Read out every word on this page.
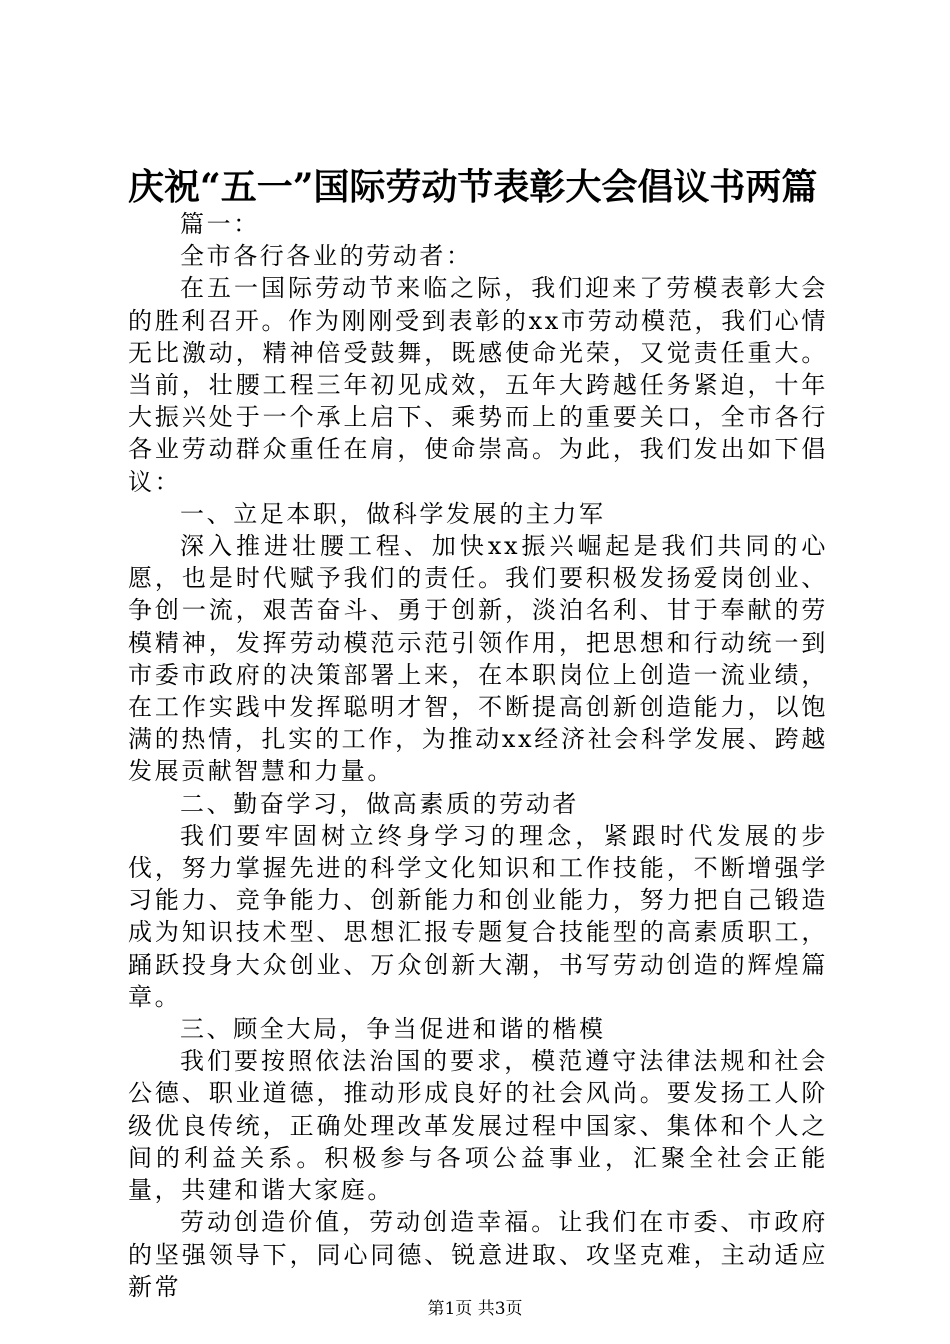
庆祝“五一”国际劳动节表彰大会倡议书两篇

篇一：

全市各行各业的劳动者：

在五一国际劳动节来临之际，我们迎来了劳模表彰大会的胜利召开。作为刚刚受到表彰的xx市劳动模范，我们心情无比激动，精神倍受鼓舞，既感使命光荣，又觉责任重大。当前，壮腰工程三年初见成效，五年大跨越任务紧迫，十年大振兴处于一个承上启下、乘势而上的重要关口，全市各行各业劳动群众重任在肩，使命崇高。为此，我们发出如下倡议：

一、立足本职，做科学发展的主力军

深入推进壮腰工程、加快xx振兴崛起是我们共同的心愿，也是时代赋予我们的责任。我们要积极发扬爱岗创业、争创一流，艰苦奋斗、勇于创新，淡泊名利、甘于奉献的劳模精神，发挥劳动模范示范引领作用，把思想和行动统一到市委市政府的决策部署上来，在本职岗位上创造一流业绩，在工作实践中发挥聪明才智，不断提高创新创造能力，以饱满的热情，扎实的工作，为推动xx经济社会科学发展、跨越发展贡献智慧和力量。

二、勤奋学习，做高素质的劳动者

我们要牢固树立终身学习的理念，紧跟时代发展的步伐，努力掌握先进的科学文化知识和工作技能，不断增强学习能力、竞争能力、创新能力和创业能力，努力把自己锻造成为知识技术型、思想汇报专题复合技能型的高素质职工，踊跃投身大众创业、万众创新大潮，书写劳动创造的辉煌篇章。

三、顾全大局，争当促进和谐的楷模

我们要按照依法治国的要求，模范遵守法律法规和社会公德、职业道德，推动形成良好的社会风尚。要发扬工人阶级优良传统，正确处理改革发展过程中国家、集体和个人之间的利益关系。积极参与各项公益事业，汇聚全社会正能量，共建和谐大家庭。

劳动创造价值，劳动创造幸福。让我们在市委、市政府的坚强领导下，同心同德、锐意进取、攻坚克难，主动适应新常

第1页 共3页
